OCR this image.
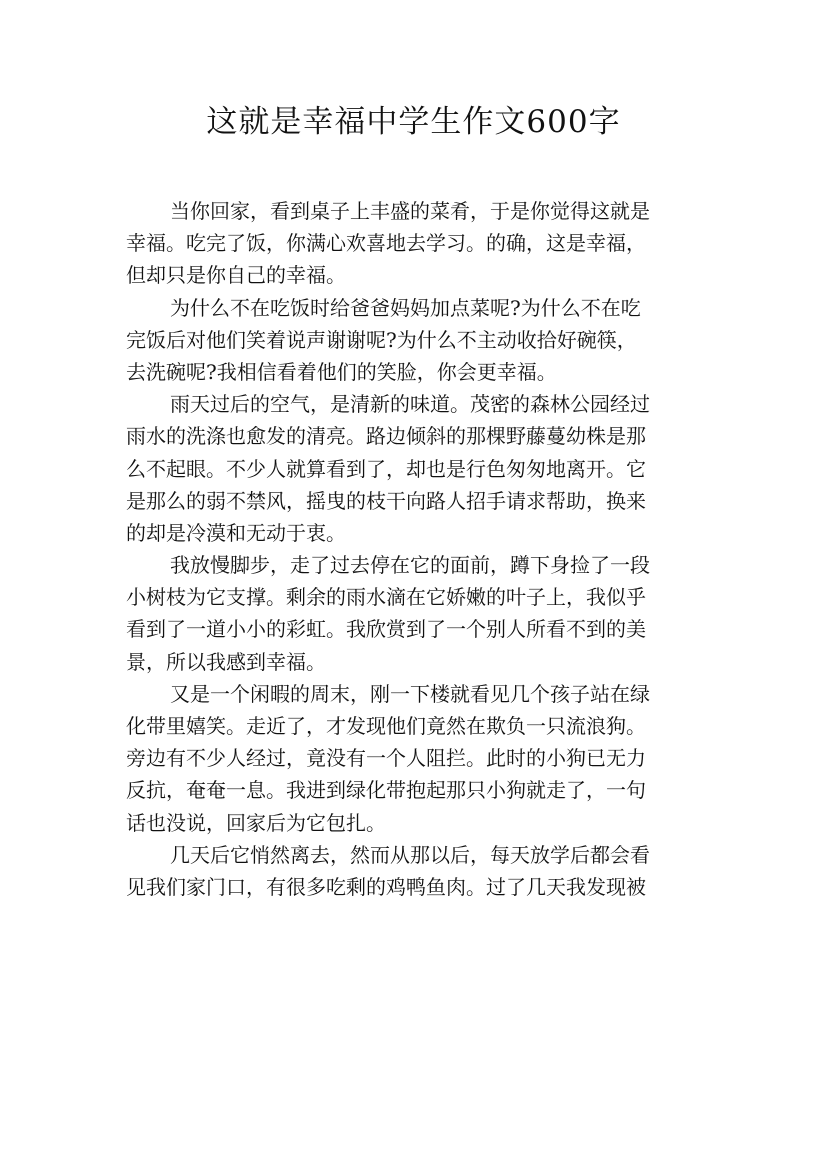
这就是幸福中学生作文600字
当你回家，看到桌子上丰盛的菜肴，于是你觉得这就是
幸福。吃完了饭，你满心欢喜地去学习。的确，这是幸福，
但却只是你自己的幸福。
为什么不在吃饭时给爸爸妈妈加点菜呢?为什么不在吃
完饭后对他们笑着说声谢谢呢?为什么不主动收拾好碗筷，
去洗碗呢?我相信看着他们的笑脸，你会更幸福。
雨天过后的空气，是清新的味道。茂密的森林公园经过
雨水的洗涤也愈发的清亮。路边倾斜的那棵野藤蔓幼株是那
么不起眼。不少人就算看到了，却也是行色匆匆地离开。它
是那么的弱不禁风，摇曳的枝干向路人招手请求帮助，换来
的却是冷漠和无动于衷。
我放慢脚步，走了过去停在它的面前，蹲下身捡了一段
小树枝为它支撑。剩余的雨水滴在它娇嫩的叶子上，我似乎
看到了一道小小的彩虹。我欣赏到了一个别人所看不到的美
景，所以我感到幸福。
又是一个闲暇的周末，刚一下楼就看见几个孩子站在绿
化带里嬉笑。走近了，才发现他们竟然在欺负一只流浪狗。
旁边有不少人经过，竟没有一个人阻拦。此时的小狗已无力
反抗，奄奄一息。我进到绿化带抱起那只小狗就走了，一句
话也没说，回家后为它包扎。
几天后它悄然离去，然而从那以后，每天放学后都会看
见我们家门口，有很多吃剩的鸡鸭鱼肉。过了几天我发现被
